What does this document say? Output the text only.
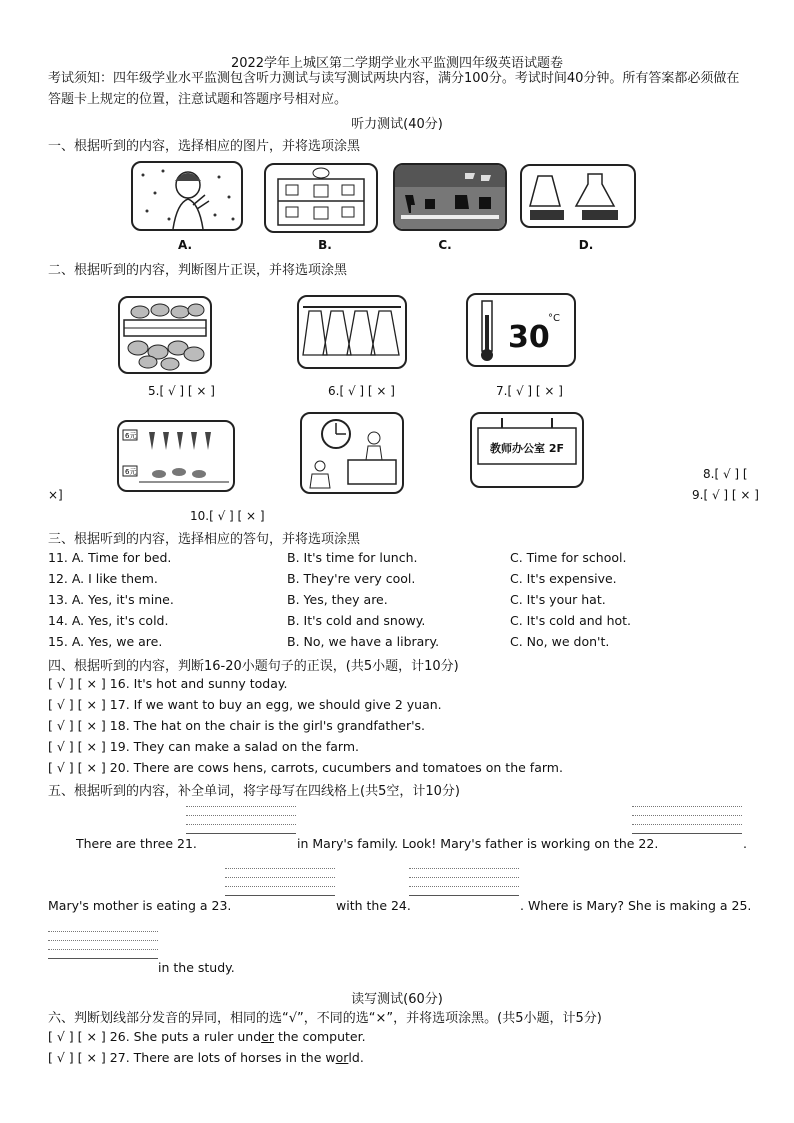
2022学年上城区第二学期学业水平监测四年级英语试题卷
考试须知：四年级学业水平监测包含听力测试与读写测试两块内容，满分100分。考试时间40分钟。所有答案都必须做在答题卡上规定的位置，注意试题和答题序号相对应。
听力测试(40分)
一、根据听到的内容，选择相应的图片，并将选项涂黑
A.	B.	C.	D.
二、根据听到的内容，判断图片正误，并将选项涂黑
5.[ √ ] [ × ]	6.[ √ ] [ × ]
30
°C
7.[ √ ] [ × ]
6元
6元
10.[ √ ] [ × ]
9.[ √ ] [ × ]
教师办公室 2F
8.[ √ ] [
×]
三、根据听到的内容，选择相应的答句，并将选项涂黑
11. A. Time for bed.	B. It's time for lunch.	C. Time for school.
12. A. I like them.	B. They're very cool.	C. It's expensive.
13. A. Yes, it's mine.	B. Yes, they are.	C. It's your hat.
14. A. Yes, it's cold.	B. It's cold and snowy.	C. It's cold and hot.
15. A. Yes, we are.	B. No, we have a library.	C. No, we don't.
四、根据听到的内容，判断16-20小题句子的正误，(共5小题，计10分)
[ √ ] [ × ] 16. It's hot and sunny today.
[ √ ] [ × ] 17. If we want to buy an egg, we should give 2 yuan.
[ √ ] [ × ] 18. The hat on the chair is the girl's grandfather's.
[ √ ] [ × ] 19. They can make a salad on the farm.
[ √ ] [ × ] 20. There are cows hens, carrots, cucumbers and tomatoes on the farm.
五、根据听到的内容，补全单词，将字母写在四线格上(共5空，计10分)
There are three 21.	in Mary's family. Look! Mary's father is working on the 22.	.
Mary's mother is eating a 23.	with the 24.	. Where is Mary? She is making a 25.
in the study.
读写测试(60分)
六、判断划线部分发音的异同，相同的选“√”，不同的选“×”，并将选项涂黑。(共5小题，计5分)
[ √ ] [ × ] 26. She puts a ruler under the computer.
[ √ ] [ × ] 27. There are lots of horses in the world.
